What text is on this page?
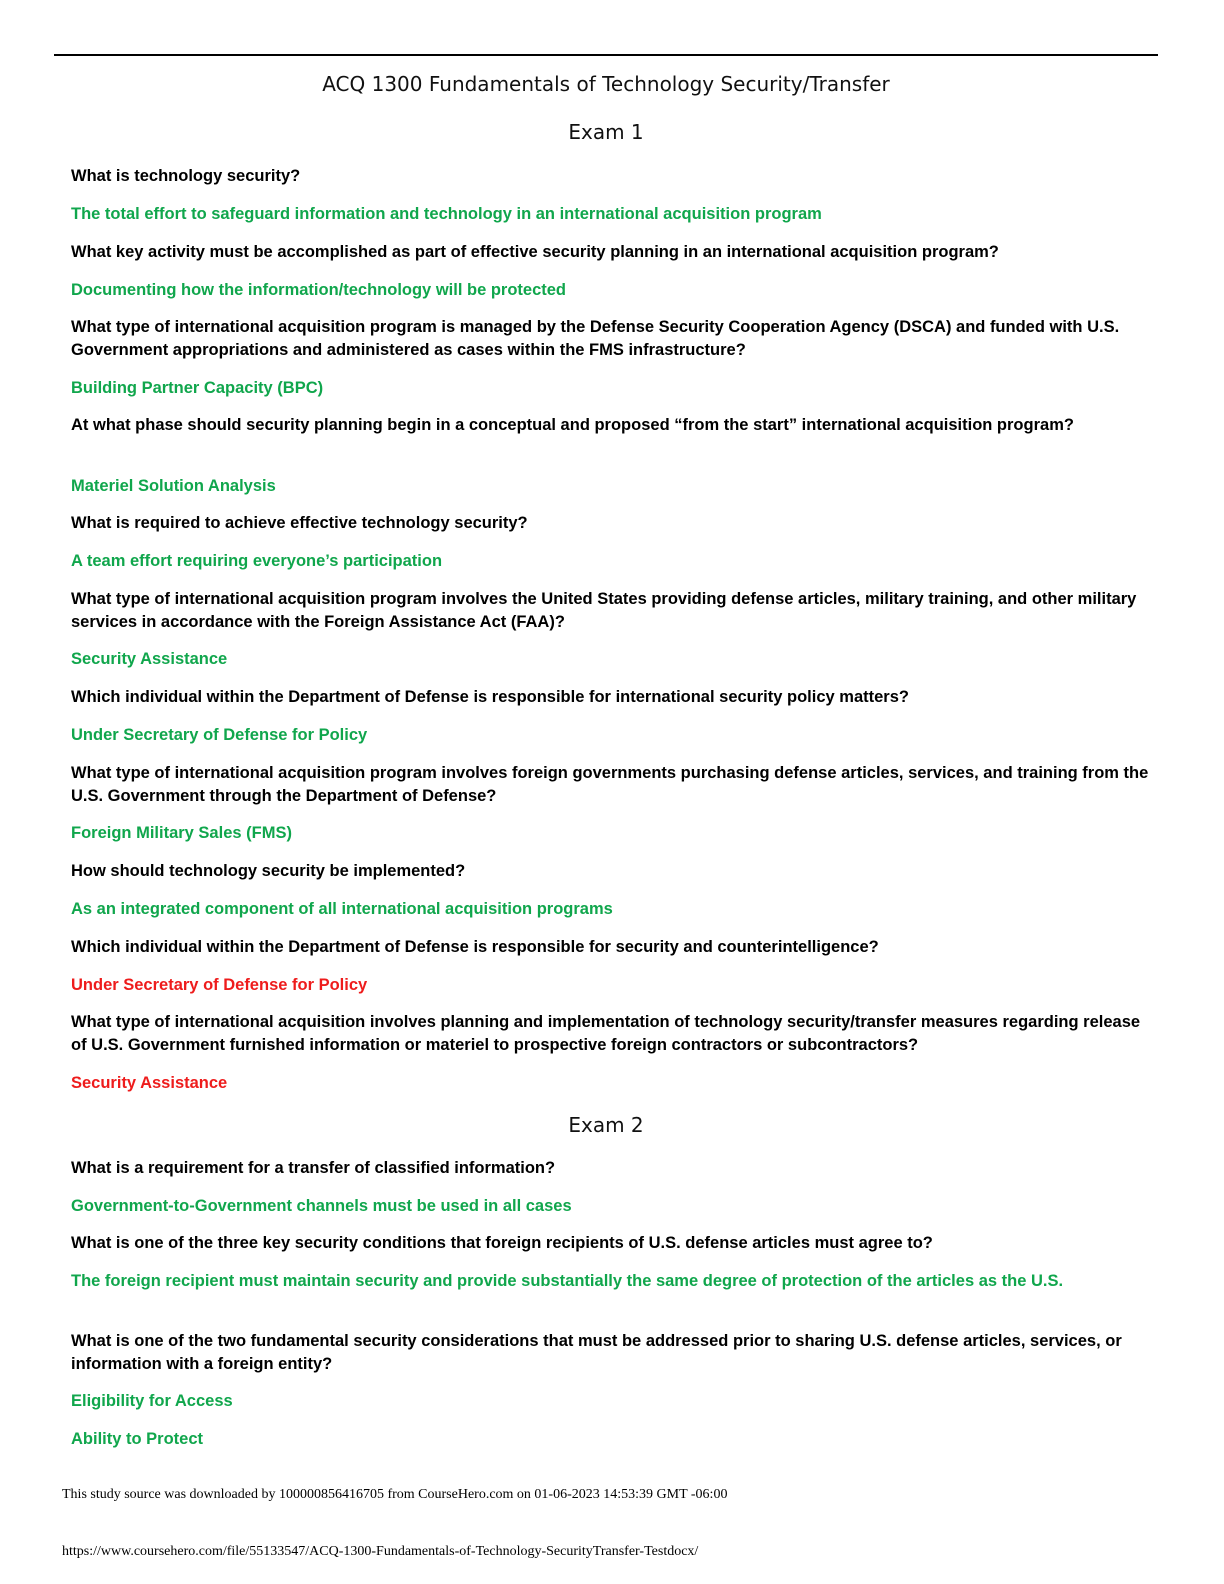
ACQ 1300 Fundamentals of Technology Security/Transfer
Exam 1

What is technology security?

The total effort to safeguard information and technology in an international acquisition program

What key activity must be accomplished as part of effective security planning in an international acquisition program?

Documenting how the information/technology will be protected

What type of international acquisition program is managed by the Defense Security Cooperation Agency (DSCA) and funded with U.S. Government appropriations and administered as cases within the FMS infrastructure?

Building Partner Capacity (BPC)

At what phase should security planning begin in a conceptual and proposed “from the start” international acquisition program?

Materiel Solution Analysis

What is required to achieve effective technology security?

A team effort requiring everyone’s participation

What type of international acquisition program involves the United States providing defense articles, military training, and other military services in accordance with the Foreign Assistance Act (FAA)?

Security Assistance

Which individual within the Department of Defense is responsible for international security policy matters?

Under Secretary of Defense for Policy

What type of international acquisition program involves foreign governments purchasing defense articles, services, and training from the U.S. Government through the Department of Defense?

Foreign Military Sales (FMS)

How should technology security be implemented?

As an integrated component of all international acquisition programs

Which individual within the Department of Defense is responsible for security and counterintelligence?

Under Secretary of Defense for Policy

What type of international acquisition involves planning and implementation of technology security/transfer measures regarding release of U.S. Government furnished information or materiel to prospective foreign contractors or subcontractors?

Security Assistance

Exam 2

What is a requirement for a transfer of classified information?

Government-to-Government channels must be used in all cases

What is one of the three key security conditions that foreign recipients of U.S. defense articles must agree to?

The foreign recipient must maintain security and provide substantially the same degree of protection of the articles as the U.S.

What is one of the two fundamental security considerations that must be addressed prior to sharing U.S. defense articles, services, or information with a foreign entity?

Eligibility for Access

Ability to Protect

This study source was downloaded by 100000856416705 from CourseHero.com on 01-06-2023 14:53:39 GMT -06:00

https://www.coursehero.com/file/55133547/ACQ-1300-Fundamentals-of-Technology-SecurityTransfer-Testdocx/
